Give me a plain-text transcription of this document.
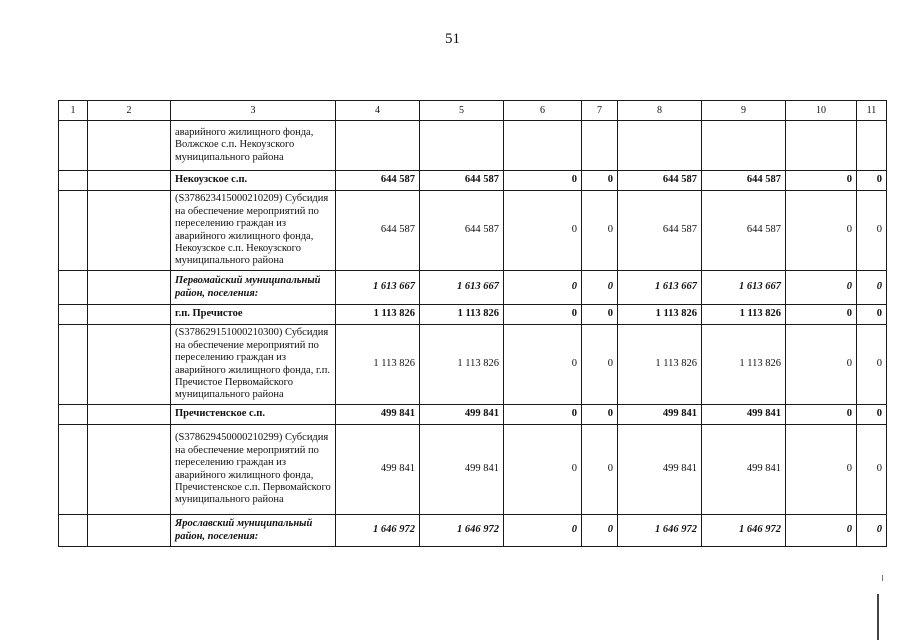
51
1	2	3	4	5	6	7	8	9	10	11
		аварийного жилищного фонда, Волжское с.п. Некоузского муниципального района								
		Некоузское с.п.	644 587	644 587	0	0	644 587	644 587	0	0
		(S378623415000210209) Субсидия на обеспечение мероприятий по переселению граждан из аварийного жилищного фонда, Некоузское с.п. Некоузского муниципального района	644 587	644 587	0	0	644 587	644 587	0	0
		Первомайский муниципальный район, поселения:	1 613 667	1 613 667	0	0	1 613 667	1 613 667	0	0
		г.п. Пречистое	1 113 826	1 113 826	0	0	1 113 826	1 113 826	0	0
		(S378629151000210300) Субсидия на обеспечение мероприятий по переселению граждан из аварийного жилищного фонда, г.п. Пречистое Первомайского муниципального района	1 113 826	1 113 826	0	0	1 113 826	1 113 826	0	0
		Пречистенское с.п.	499 841	499 841	0	0	499 841	499 841	0	0
		(S378629450000210299) Субсидия на обеспечение мероприятий по переселению граждан из аварийного жилищного фонда, Пречистенское с.п. Первомайского муниципального района	499 841	499 841	0	0	499 841	499 841	0	0
		Ярославский муниципальный район, поселения:	1 646 972	1 646 972	0	0	1 646 972	1 646 972	0	0
